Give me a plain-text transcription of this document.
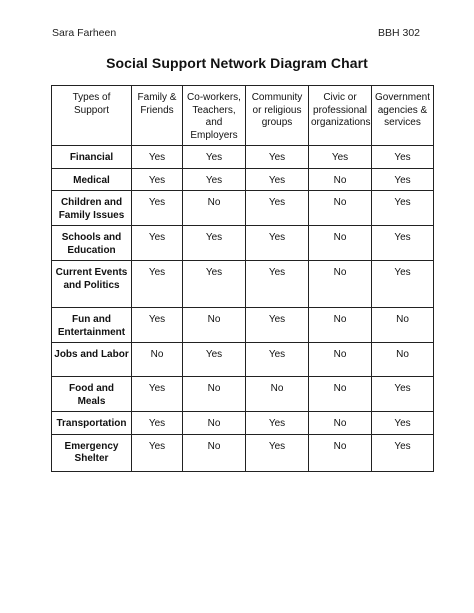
Sara Farheen	BBH 302
Social Support Network Diagram Chart
Types of Support	Family & Friends	Co-workers, Teachers, and Employers	Community or religious groups	Civic or professional organizations	Government agencies & services
Financial	Yes	Yes	Yes	Yes	Yes
Medical	Yes	Yes	Yes	No	Yes
Children and Family Issues	Yes	No	Yes	No	Yes
Schools and Education	Yes	Yes	Yes	No	Yes
Current Events and Politics	Yes	Yes	Yes	No	Yes
Fun and Entertainment	Yes	No	Yes	No	No
Jobs and Labor	No	Yes	Yes	No	No
Food and Meals	Yes	No	No	No	Yes
Transportation	Yes	No	Yes	No	Yes
Emergency Shelter	Yes	No	Yes	No	Yes
